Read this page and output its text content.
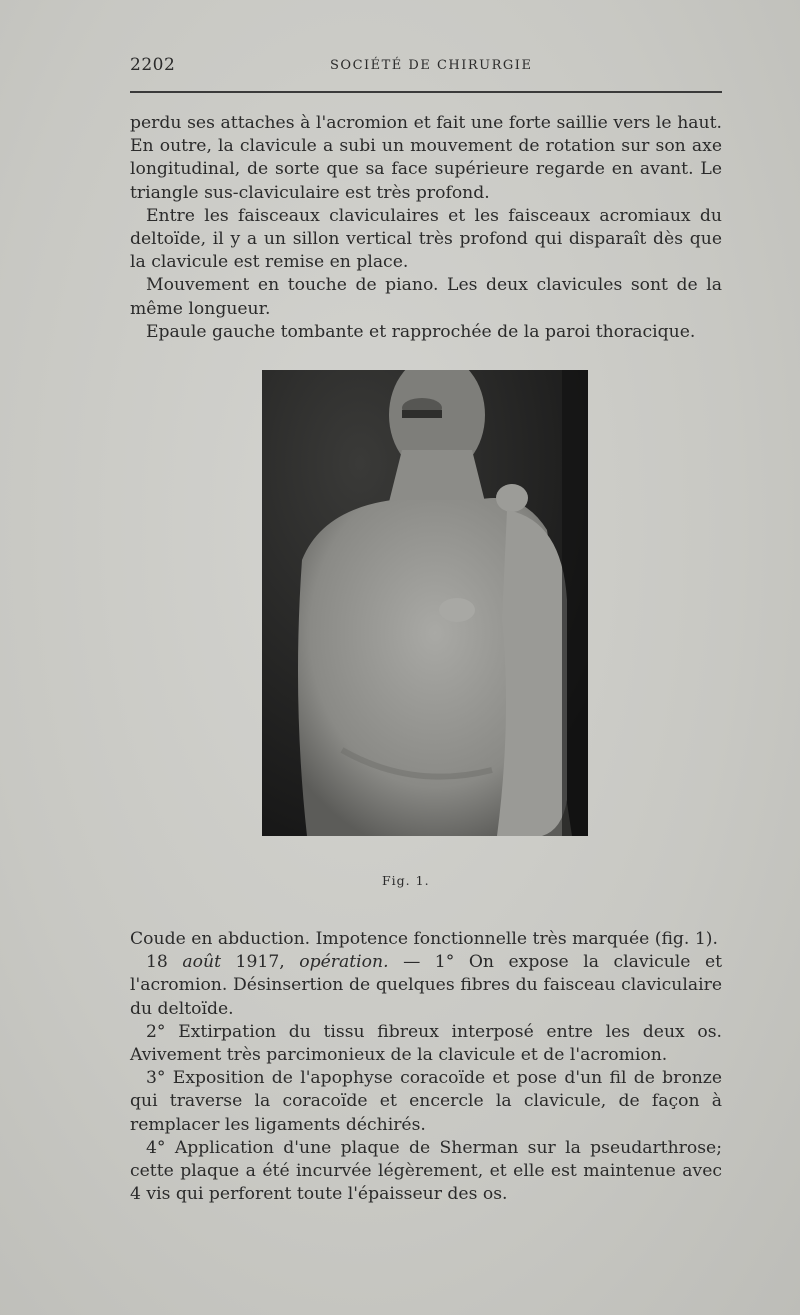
2202	SOCIÉTÉ DE CHIRURGIE

perdu ses attaches à l'acromion et fait une forte saillie vers le haut. En outre, la clavicule a subi un mouvement de rotation sur son axe longitudinal, de sorte que sa face supérieure regarde en avant. Le triangle sus-claviculaire est très profond.

Entre les faisceaux claviculaires et les faisceaux acromiaux du deltoïde, il y a un sillon vertical très profond qui disparaît dès que la clavicule est remise en place.

Mouvement en touche de piano. Les deux clavicules sont de la même longueur.

Epaule gauche tombante et rapprochée de la paroi thoracique.

Fig. 1.

Coude en abduction. Impotence fonctionnelle très marquée (fig. 1).

18 août 1917, opération. — 1° On expose la clavicule et l'acromion. Désinsertion de quelques fibres du faisceau claviculaire du deltoïde.

2° Extirpation du tissu fibreux interposé entre les deux os. Avivement très parcimonieux de la clavicule et de l'acromion.

3° Exposition de l'apophyse coracoïde et pose d'un fil de bronze qui traverse la coracoïde et encercle la clavicule, de façon à remplacer les ligaments déchirés.

4° Application d'une plaque de Sherman sur la pseudarthrose; cette plaque a été incurvée légèrement, et elle est maintenue avec 4 vis qui perforent toute l'épaisseur des os.
